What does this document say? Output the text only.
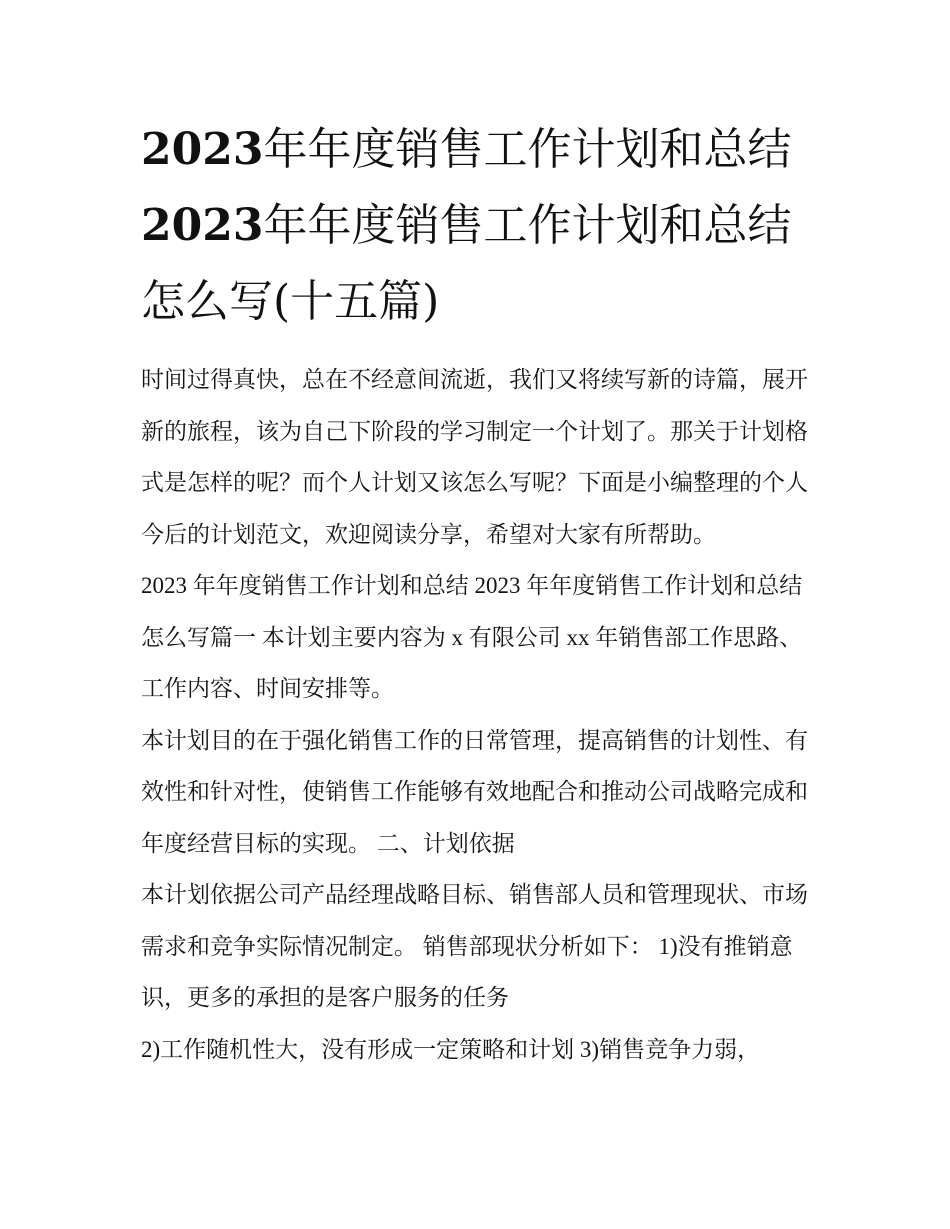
2023年年度销售工作计划和总结2023年年度销售工作计划和总结怎么写(十五篇)

时间过得真快，总在不经意间流逝，我们又将续写新的诗篇，展开新的旅程，该为自己下阶段的学习制定一个计划了。那关于计划格式是怎样的呢？而个人计划又该怎么写呢？下面是小编整理的个人今后的计划范文，欢迎阅读分享，希望对大家有所帮助。

2023 年年度销售工作计划和总结 2023 年年度销售工作计划和总结怎么写篇一 本计划主要内容为 x 有限公司 xx 年销售部工作思路、工作内容、时间安排等。

本计划目的在于强化销售工作的日常管理，提高销售的计划性、有效性和针对性，使销售工作能够有效地配合和推动公司战略完成和年度经营目标的实现。 二、计划依据

本计划依据公司产品经理战略目标、销售部人员和管理现状、市场需求和竞争实际情况制定。 销售部现状分析如下： 1)没有推销意识，更多的承担的是客户服务的任务

2)工作随机性大，没有形成一定策略和计划 3)销售竞争力弱，
